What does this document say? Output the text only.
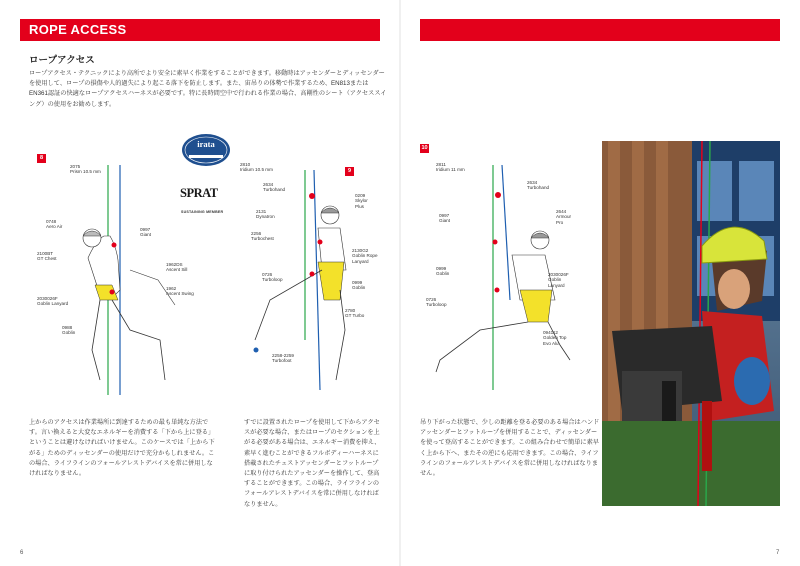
ROPE ACCESS
ロープアクセス
ロープアクセス・テクニックにより高所でより安全に素早く作業をすることができます。移動時はアッセンダーとディッセンダーを使用して、ロープの損傷や人的過失により起こる落下を防止します。また、宙吊りの体勢で作業するため、EN813または EN361認証の快適なロープアクセスハーネスが必要です。特に長時間空中で行われる作業の場合、高剛性のシート（アクセススイング）の使用をお勧めします。
irata
SPRAT
SUSTAINING MEMBER
8
9
10
2075
Prism 10.5 mm
0748
Aero Air
0997
Giant
2100BT
GT Chest
1962DS
Ascent Sill
1962
Ascent Swing
2030026F
Goblin Lanyard
0988
Goblin
2810
Iridium 10.5 mm
2634
Turbohand
0209
Skylor
Plus
2131
Dynatron
2256
Turbochest
2130G2
Goblin Rope
Lanyard
0726
Turboloop
0999
Goblin
2780
GT Turbo
2258-2259
Turbofoot
2811
Iridium 11 mm
2634
Turbohand
0997
Giant
2644
Armour
Pro
0999
Goblin	2030026F
Goblin
Lanyard
0726
Turboloop
094112
Golden Top
Evo Alu
上からのアクセスは作業場所に到達するための最も単純な方法です。言い換えると大変なエネルギーを消費する「下から上に登る」ということは避けなければいけません。このケースでは「上から下がる」ためのディッセンダーの使用だけで充分かもしれません。この場合、ライフラインのフォールアレストデバイスを常に併用しなければなりません。
すでに設置されたロープを使用して下からアクセスが必要な場合、またはロープのセクションを上がる必要がある場合は、エネルギー消費を抑え、素早く進むことができるフルボディーハーネスに搭載されたチェストアッセンダーとフットループに取り付けられたアッセンダーを操作して、登高することができます。この場合、ライフラインのフォールアレストデバイスを常に併用しなければなりません。
吊り下がった状態で、少しの距離を登る必要のある場合はハンドアッセンダーとフットループを併用することで、ディッセンダーを使って登高することができます。この組み合わせで簡単に素早く上から下へ、またその逆にも応用できます。この場合、ライフラインのフォールアレストデバイスを常に併用しなければなりません。
6	7
